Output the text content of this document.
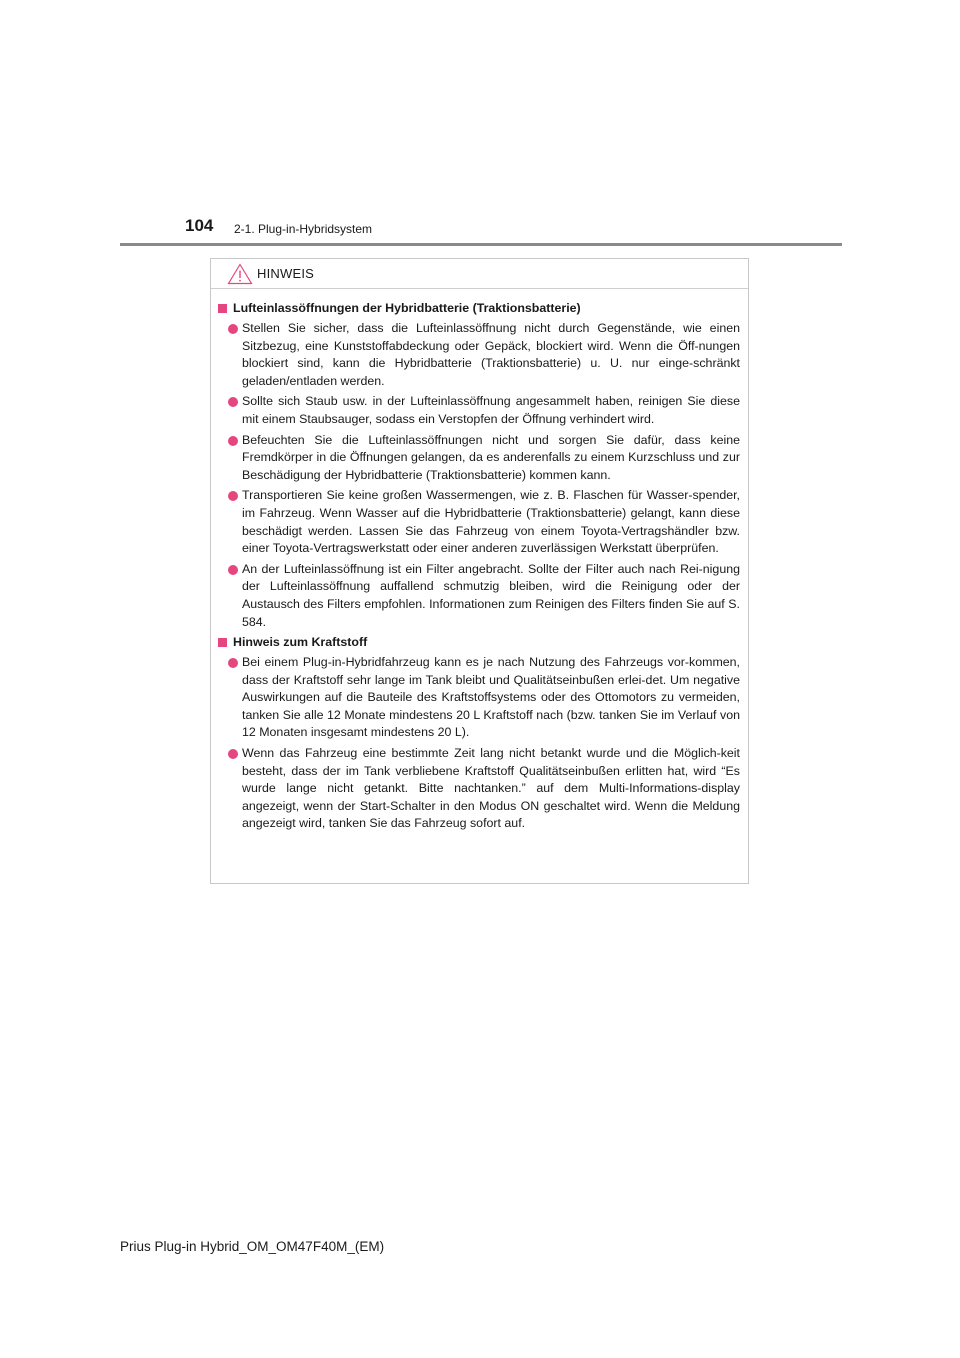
104 2-1. Plug-in-Hybridsystem
HINWEIS
Lufteinlassöffnungen der Hybridbatterie (Traktionsbatterie)
Stellen Sie sicher, dass die Lufteinlassöffnung nicht durch Gegenstände, wie einen Sitzbezug, eine Kunststoffabdeckung oder Gepäck, blockiert wird. Wenn die Öff-nungen blockiert sind, kann die Hybridbatterie (Traktionsbatterie) u. U. nur einge-schränkt geladen/entladen werden.
Sollte sich Staub usw. in der Lufteinlassöffnung angesammelt haben, reinigen Sie diese mit einem Staubsauger, sodass ein Verstopfen der Öffnung verhindert wird.
Befeuchten Sie die Lufteinlassöffnungen nicht und sorgen Sie dafür, dass keine Fremdkörper in die Öffnungen gelangen, da es anderenfalls zu einem Kurzschluss und zur Beschädigung der Hybridbatterie (Traktionsbatterie) kommen kann.
Transportieren Sie keine großen Wassermengen, wie z. B. Flaschen für Wasser-spender, im Fahrzeug. Wenn Wasser auf die Hybridbatterie (Traktionsbatterie) gelangt, kann diese beschädigt werden. Lassen Sie das Fahrzeug von einem Toyota-Vertragshändler bzw. einer Toyota-Vertragswerkstatt oder einer anderen zuverlässigen Werkstatt überprüfen.
An der Lufteinlassöffnung ist ein Filter angebracht. Sollte der Filter auch nach Rei-nigung der Lufteinlassöffnung auffallend schmutzig bleiben, wird die Reinigung oder der Austausch des Filters empfohlen. Informationen zum Reinigen des Filters finden Sie auf S. 584.
Hinweis zum Kraftstoff
Bei einem Plug-in-Hybridfahrzeug kann es je nach Nutzung des Fahrzeugs vor-kommen, dass der Kraftstoff sehr lange im Tank bleibt und Qualitätseinbußen erlei-det. Um negative Auswirkungen auf die Bauteile des Kraftstoffsystems oder des Ottomotors zu vermeiden, tanken Sie alle 12 Monate mindestens 20 L Kraftstoff nach (bzw. tanken Sie im Verlauf von 12 Monaten insgesamt mindestens 20 L).
Wenn das Fahrzeug eine bestimmte Zeit lang nicht betankt wurde und die Möglich-keit besteht, dass der im Tank verbliebene Kraftstoff Qualitätseinbußen erlitten hat, wird “Es wurde lange nicht getankt. Bitte nachtanken.” auf dem Multi-Informations-display angezeigt, wenn der Start-Schalter in den Modus ON geschaltet wird. Wenn die Meldung angezeigt wird, tanken Sie das Fahrzeug sofort auf.
Prius Plug-in Hybrid_OM_OM47F40M_(EM)
